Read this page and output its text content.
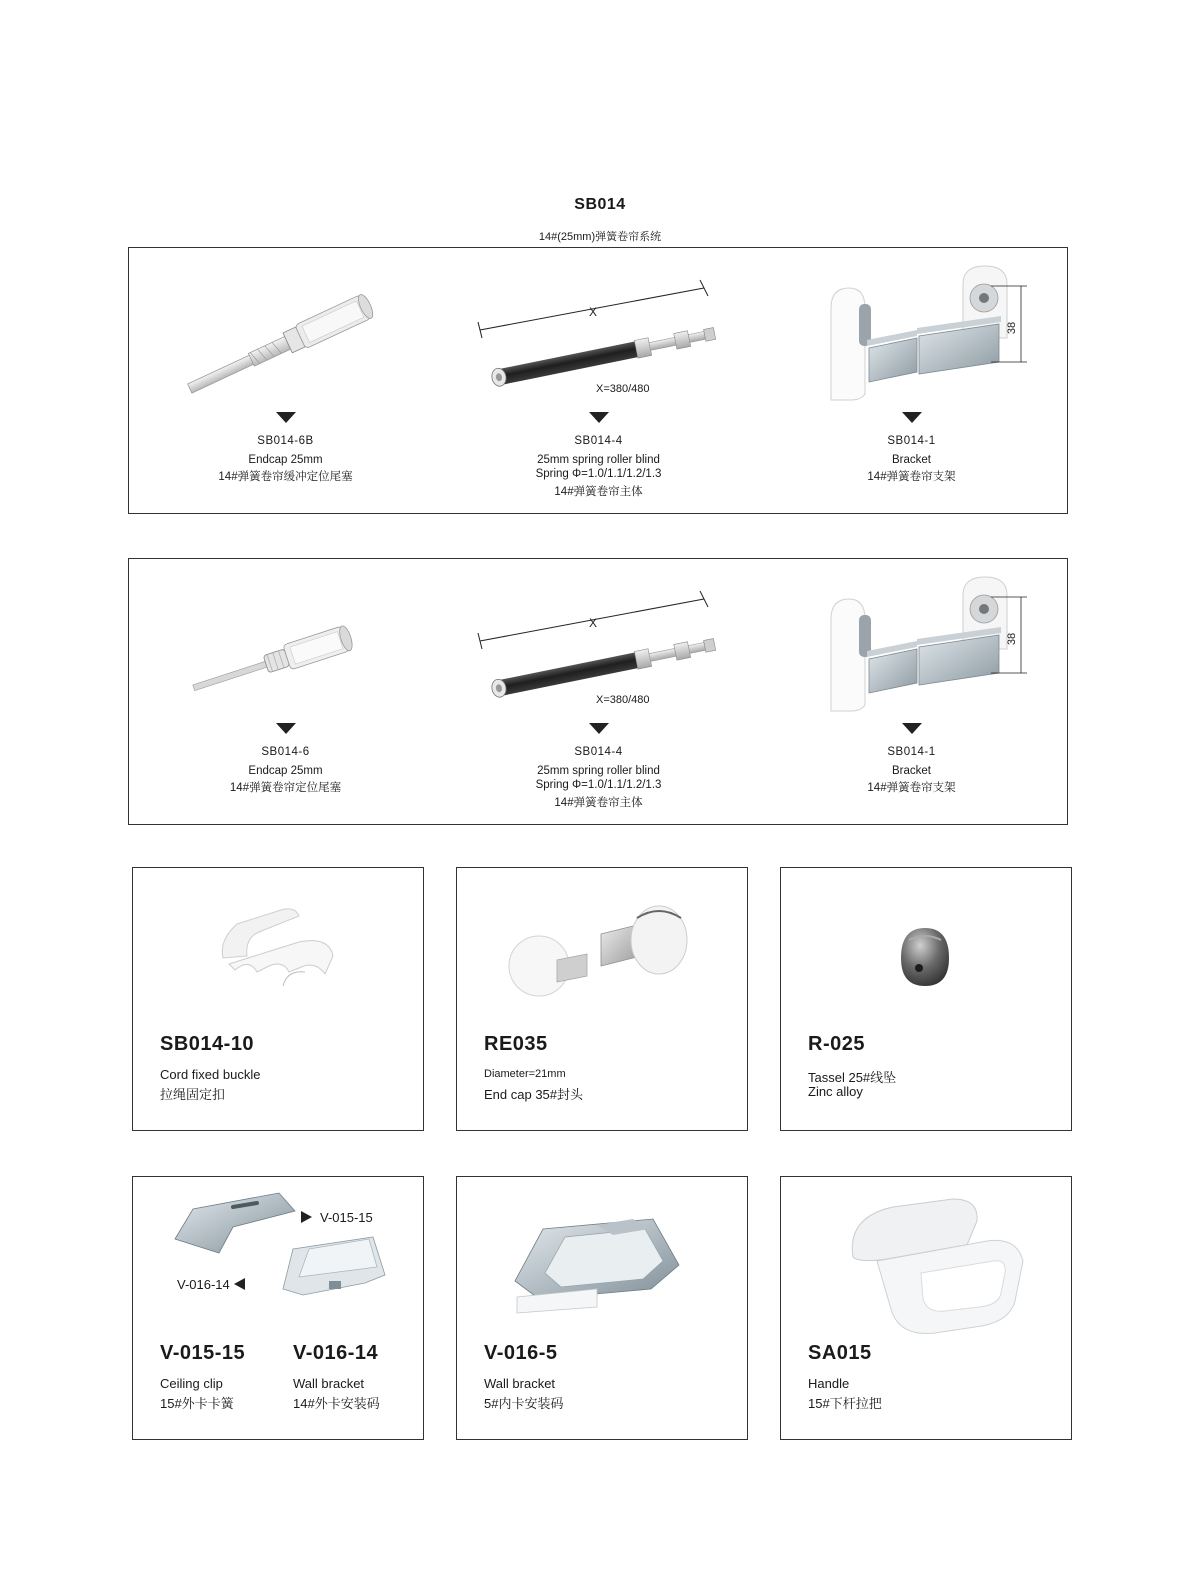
SB014
14#(25mm)弹簧卷帘系统
SB014-6B
Endcap 25mm
14#弹簧卷帘缓冲定位尾塞
X
X=380/480
SB014-4
25mm spring roller blind
Spring Φ=1.0/1.1/1.2/1.3
14#弹簧卷帘主体
38
SB014-1
Bracket
14#弹簧卷帘支架
SB014-6
Endcap 25mm
14#弹簧卷帘定位尾塞
X
X=380/480
SB014-4
25mm spring roller blind
Spring Φ=1.0/1.1/1.2/1.3
14#弹簧卷帘主体
38
SB014-1
Bracket
14#弹簧卷帘支架
SB014-10
Cord fixed buckle
拉绳固定扣
RE035
Diameter=21mm
End cap 35#封头
R-025
Tassel 25#线坠
Zinc alloy
V-015-15
V-016-14
V-015-15
Ceiling clip
15#外卡卡簧
V-016-14
Wall bracket
14#外卡安装码
V-016-5
Wall bracket
5#内卡安装码
SA015
Handle
15#下杆拉把
